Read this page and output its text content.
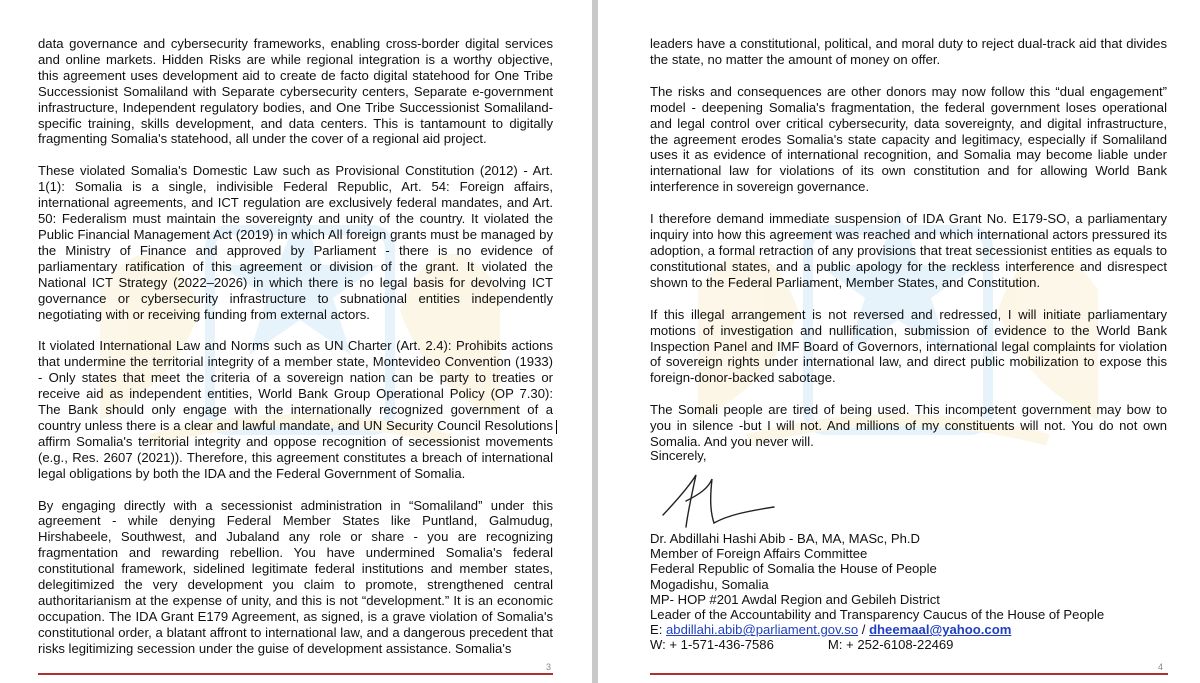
data governance and cybersecurity frameworks, enabling cross-border digital services and online markets. Hidden Risks are while regional integration is a worthy objective, this agreement uses development aid to create de facto digital statehood for One Tribe Successionist Somaliland with Separate cybersecurity centers, Separate e-government infrastructure, Independent regulatory bodies, and One Tribe Successionist Somaliland-specific training, skills development, and data centers. This is tantamount to digitally fragmenting Somalia's statehood, all under the cover of a regional aid project.

These violated Somalia's Domestic Law such as Provisional Constitution (2012) - Art. 1(1): Somalia is a single, indivisible Federal Republic, Art. 54: Foreign affairs, international agreements, and ICT regulation are exclusively federal mandates, and Art. 50: Federalism must maintain the sovereignty and unity of the country. It violated the Public Financial Management Act (2019) in which All foreign grants must be managed by the Ministry of Finance and approved by Parliament - there is no evidence of parliamentary ratification of this agreement or division of the grant. It violated the National ICT Strategy (2022–2026) in which there is no legal basis for devolving ICT governance or cybersecurity infrastructure to subnational entities independently negotiating with or receiving funding from external actors.

It violated International Law and Norms such as UN Charter (Art. 2.4): Prohibits actions that undermine the territorial integrity of a member state, Montevideo Convention (1933) - Only states that meet the criteria of a sovereign nation can be party to treaties or receive aid as independent entities, World Bank Group Operational Policy (OP 7.30): The Bank should only engage with the internationally recognized government of a country unless there is a clear and lawful mandate, and UN Security Council Resolutions affirm Somalia's territorial integrity and oppose recognition of secessionist movements (e.g., Res. 2607 (2021)). Therefore, this agreement constitutes a breach of international legal obligations by both the IDA and the Federal Government of Somalia.

By engaging directly with a secessionist administration in “Somaliland” under this agreement - while denying Federal Member States like Puntland, Galmudug, Hirshabeele, Southwest, and Jubaland any role or share - you are recognizing fragmentation and rewarding rebellion. You have undermined Somalia's federal constitutional framework, sidelined legitimate federal institutions and member states, delegitimized the very development you claim to promote, strengthened central authoritarianism at the expense of unity, and this is not “development.” It is an economic occupation. The IDA Grant E179 Agreement, as signed, is a grave violation of Somalia's constitutional order, a blatant affront to international law, and a dangerous precedent that risks legitimizing secession under the guise of development assistance. Somalia's

3

leaders have a constitutional, political, and moral duty to reject dual-track aid that divides the state, no matter the amount of money on offer.

The risks and consequences are other donors may now follow this “dual engagement” model - deepening Somalia's fragmentation, the federal government loses operational and legal control over critical cybersecurity, data sovereignty, and digital infrastructure, the agreement erodes Somalia's state capacity and legitimacy, especially if Somaliland uses it as evidence of international recognition, and Somalia may become liable under international law for violations of its own constitution and for allowing World Bank interference in sovereign governance.

I therefore demand immediate suspension of IDA Grant No. E179-SO, a parliamentary inquiry into how this agreement was reached and which international actors pressured its adoption, a formal retraction of any provisions that treat secessionist entities as equals to constitutional states, and a public apology for the reckless interference and disrespect shown to the Federal Parliament, Member States, and Constitution.

If this illegal arrangement is not reversed and redressed, I will initiate parliamentary motions of investigation and nullification, submission of evidence to the World Bank Inspection Panel and IMF Board of Governors, international legal complaints for violation of sovereign rights under international law, and direct public mobilization to expose this foreign-donor-backed sabotage.

The Somali people are tired of being used. This incompetent government may bow to you in silence -but I will not. And millions of my constituents will not. You do not own Somalia. And you never will.

Sincerely,

Dr. Abdillahi Hashi Abib - BA, MA, MASc, Ph.D

Member of Foreign Affairs Committee

Federal Republic of Somalia the House of People

Mogadishu, Somalia

MP- HOP #201 Awdal Region and Gebileh District

Leader of the Accountability and Transparency Caucus of the House of People

E: abdillahi.abib@parliament.gov.so / dheemaal@yahoo.com

W: + 1-571-436-7586	M: + 252-6108-22469

4
